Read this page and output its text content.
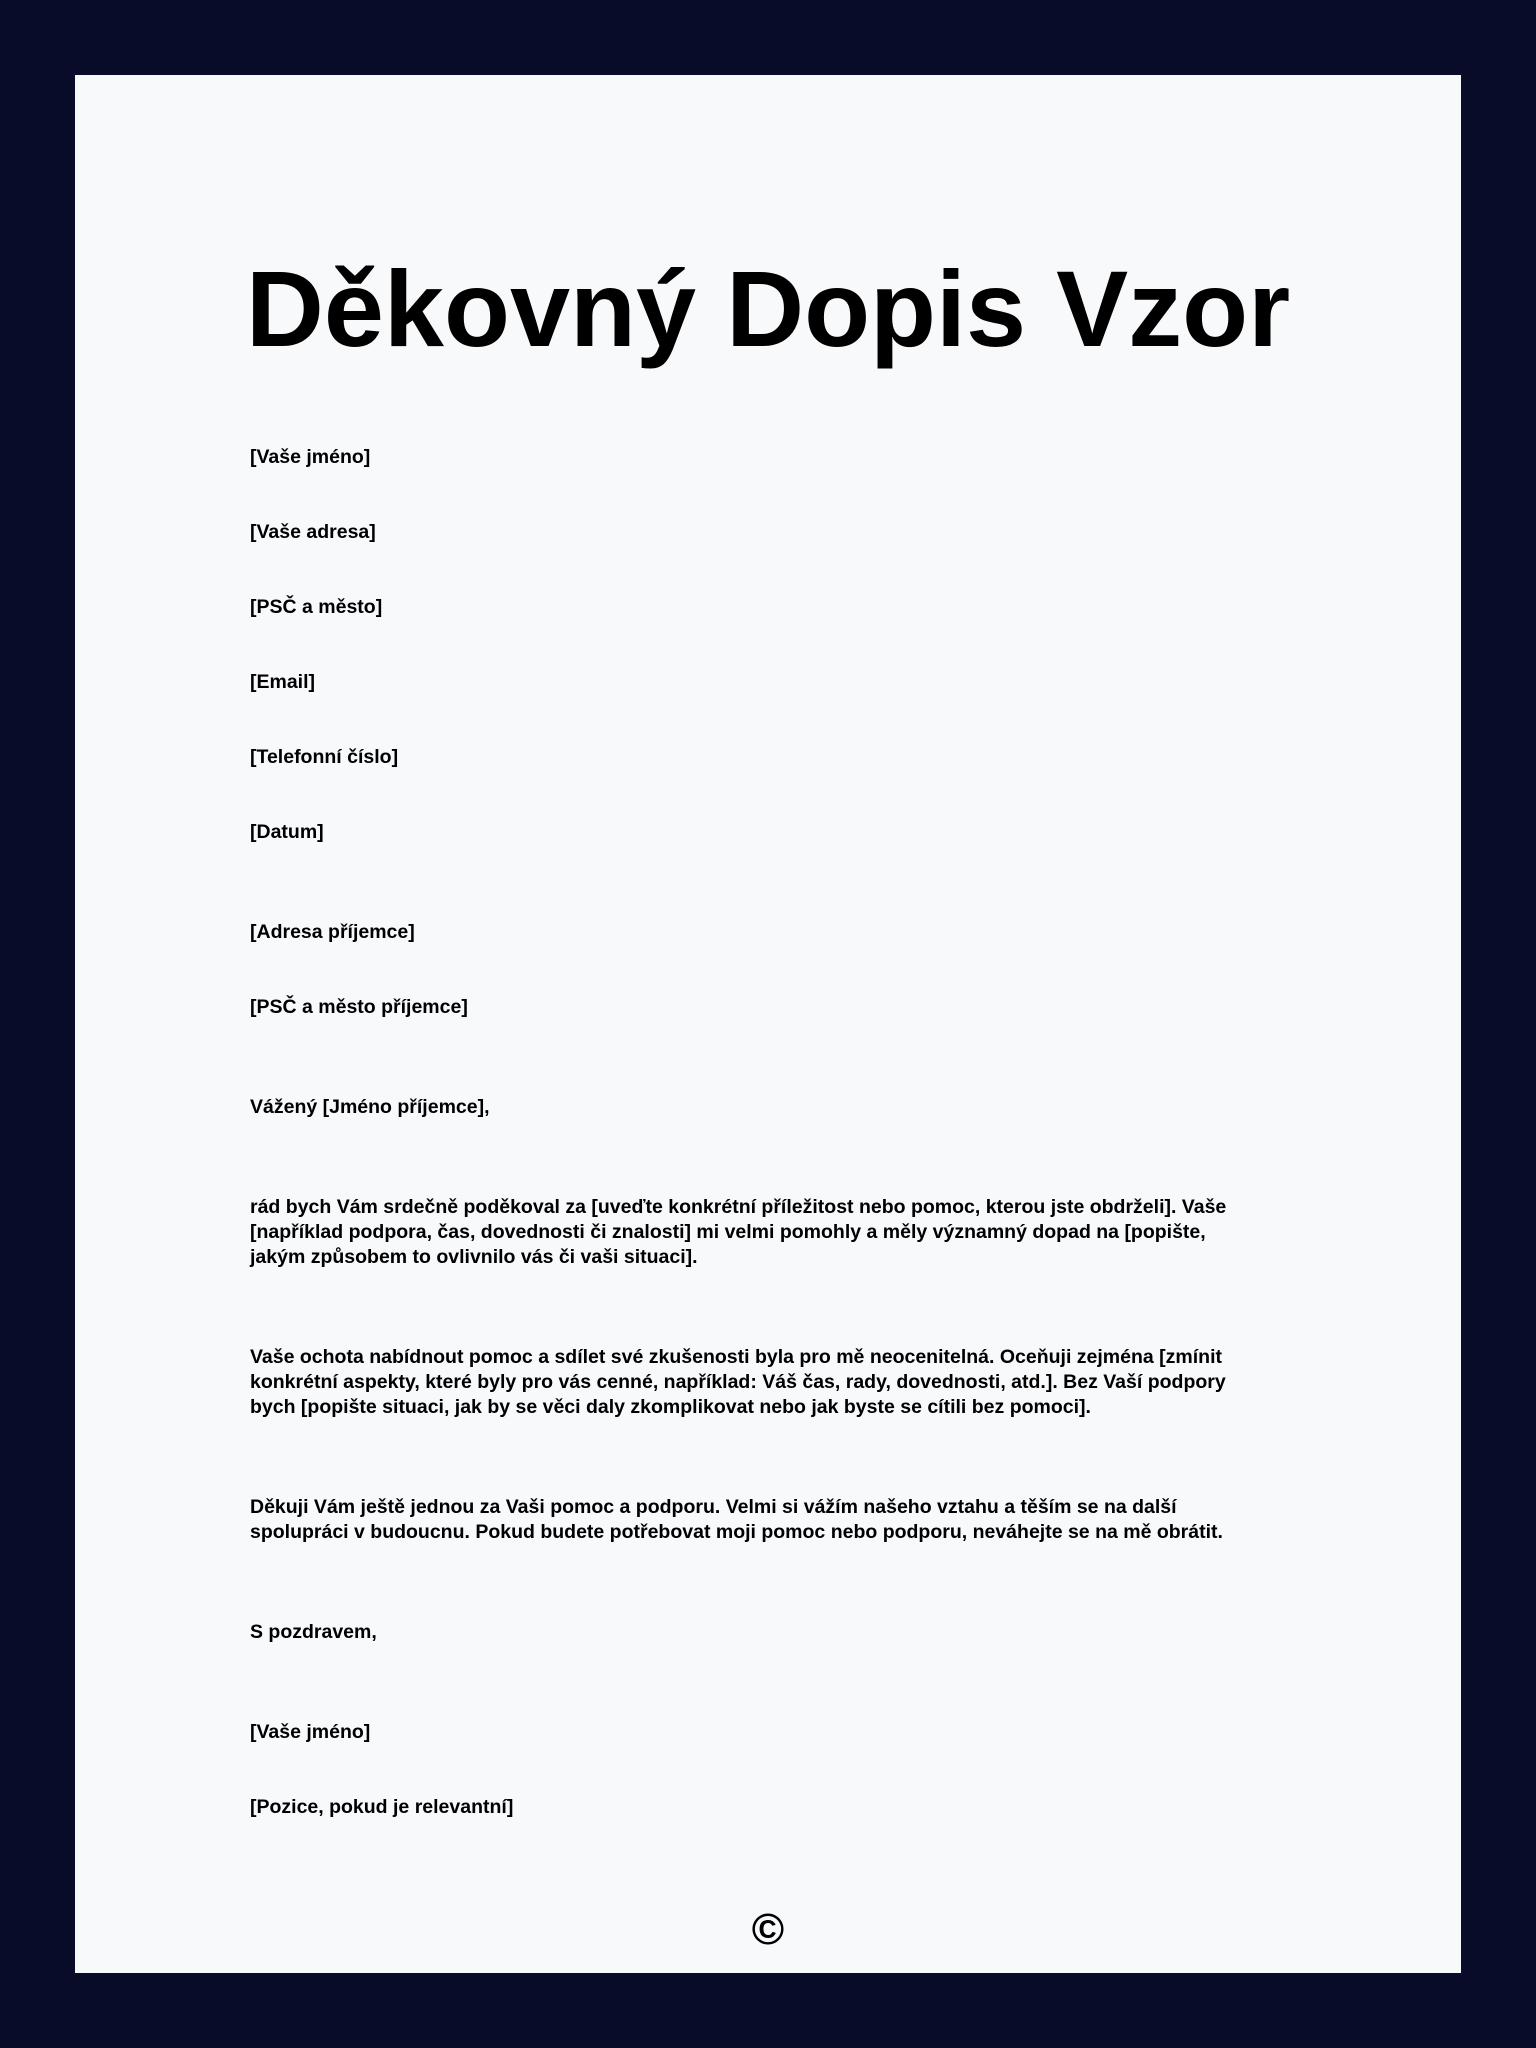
Děkovný Dopis Vzor

[Vaše jméno]

[Vaše adresa]

[PSČ a město]

[Email]

[Telefonní číslo]

[Datum]

[Adresa příjemce]

[PSČ a město příjemce]

Vážený [Jméno příjemce],

rád bych Vám srdečně poděkoval za [uveďte konkrétní příležitost nebo pomoc, kterou jste obdrželi]. Vaše
[například podpora, čas, dovednosti či znalosti] mi velmi pomohly a měly významný dopad na [popište,
jakým způsobem to ovlivnilo vás či vaši situaci].
Vaše ochota nabídnout pomoc a sdílet své zkušenosti byla pro mě neocenitelná. Oceňuji zejména [zmínit
konkrétní aspekty, které byly pro vás cenné, například: Váš čas, rady, dovednosti, atd.]. Bez Vaší podpory
bych [popište situaci, jak by se věci daly zkomplikovat nebo jak byste se cítili bez pomoci].
Děkuji Vám ještě jednou za Vaši pomoc a podporu. Velmi si vážím našeho vztahu a těším se na další
spolupráci v budoucnu. Pokud budete potřebovat moji pomoc nebo podporu, neváhejte se na mě obrátit.

S pozdravem,

[Vaše jméno]

[Pozice, pokud je relevantní]

©
